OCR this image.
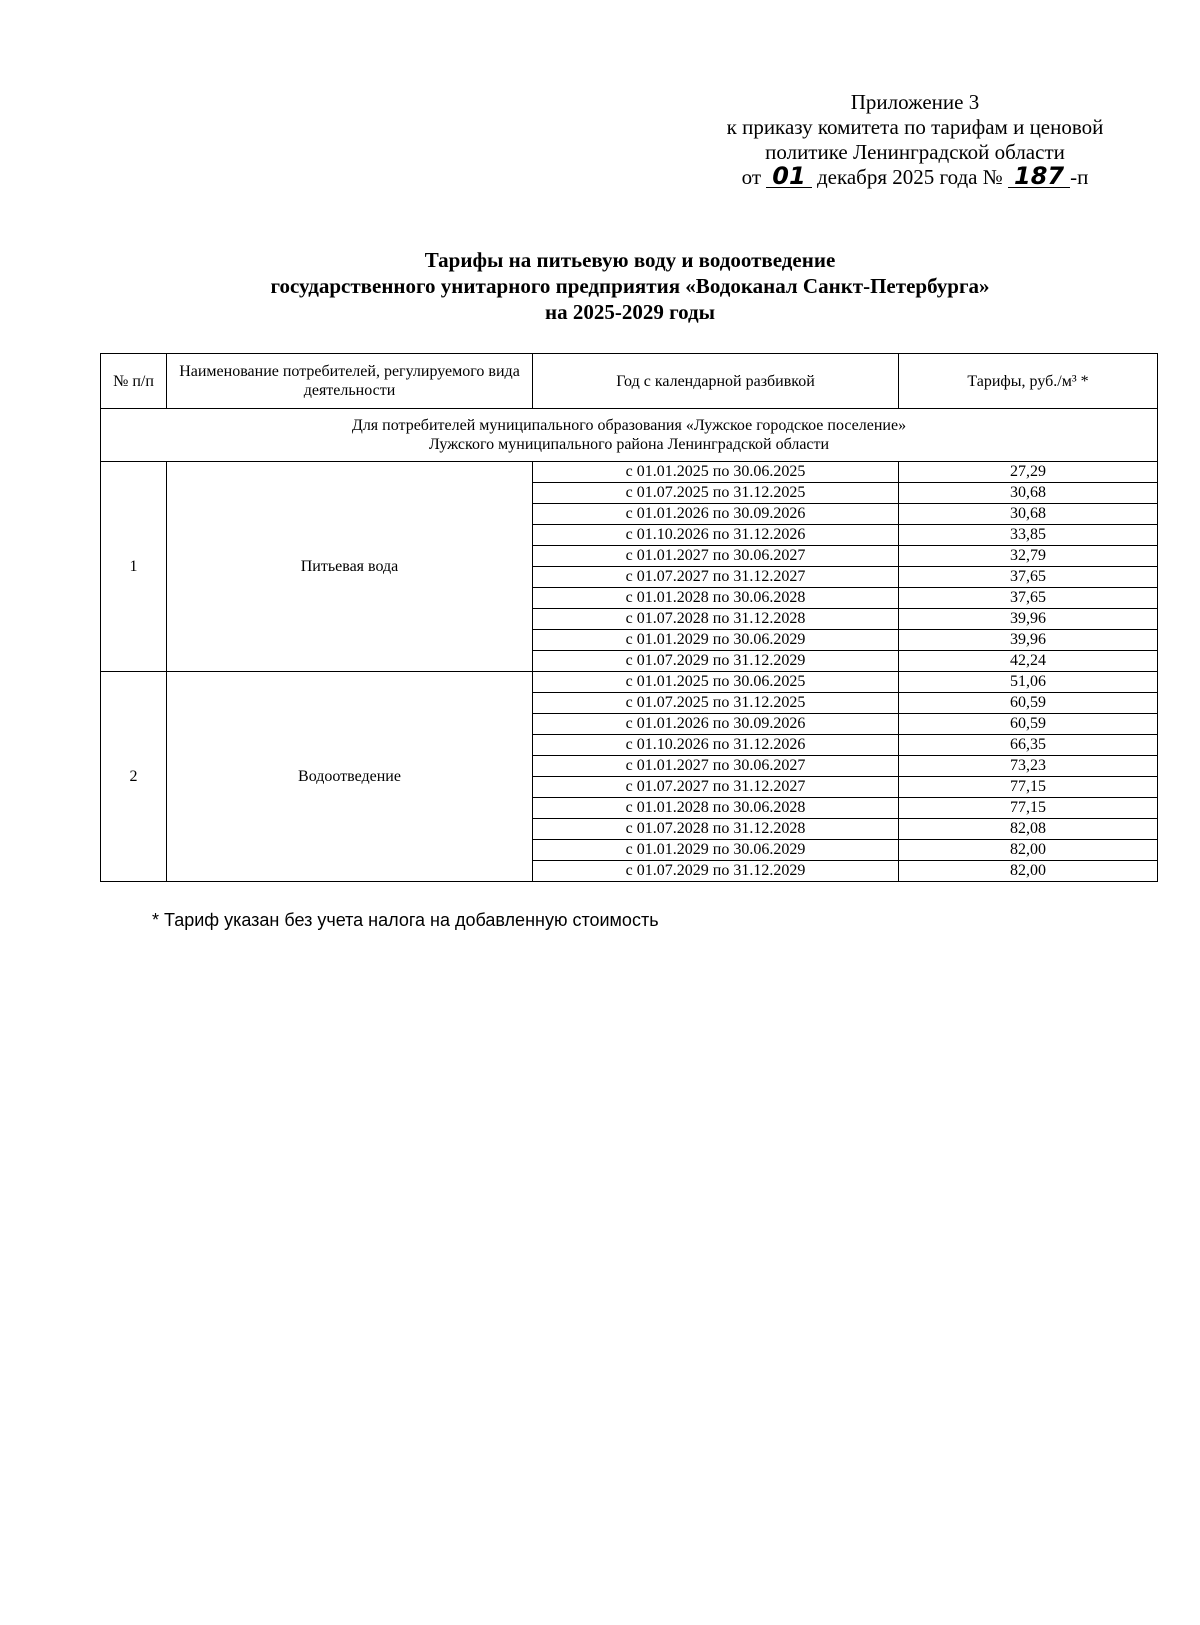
Приложение 3
к приказу комитета по тарифам и ценовой
политике Ленинградской области
от 01 декабря 2025 года № 187 -п
Тарифы на питьевую воду и водоотведение
государственного унитарного предприятия «Водоканал Санкт-Петербурга»
на 2025-2029 годы
№ п/п	Наименование потребителей, регулируемого вида деятельности	Год с календарной разбивкой	Тарифы, руб./м³ *

Для потребителей муниципального образования «Лужское городское поселение»
Лужского муниципального района Ленинградской области			

1	Питьевая вода	с 01.01.2025 по 30.06.2025	27,29
		с 01.07.2025 по 31.12.2025	30,68
		с 01.01.2026 по 30.09.2026	30,68
		с 01.10.2026 по 31.12.2026	33,85
		с 01.01.2027 по 30.06.2027	32,79
		с 01.07.2027 по 31.12.2027	37,65
		с 01.01.2028 по 30.06.2028	37,65
		с 01.07.2028 по 31.12.2028	39,96
		с 01.01.2029 по 30.06.2029	39,96
		с 01.07.2029 по 31.12.2029	42,24
2	Водоотведение	с 01.01.2025 по 30.06.2025	51,06
		с 01.07.2025 по 31.12.2025	60,59
		с 01.01.2026 по 30.09.2026	60,59
		с 01.10.2026 по 31.12.2026	66,35
		с 01.01.2027 по 30.06.2027	73,23
		с 01.07.2027 по 31.12.2027	77,15
		с 01.01.2028 по 30.06.2028	77,15
		с 01.07.2028 по 31.12.2028	82,08
		с 01.01.2029 по 30.06.2029	82,00
		с 01.07.2029 по 31.12.2029	82,00
* Тариф указан без учета налога на добавленную стоимость
